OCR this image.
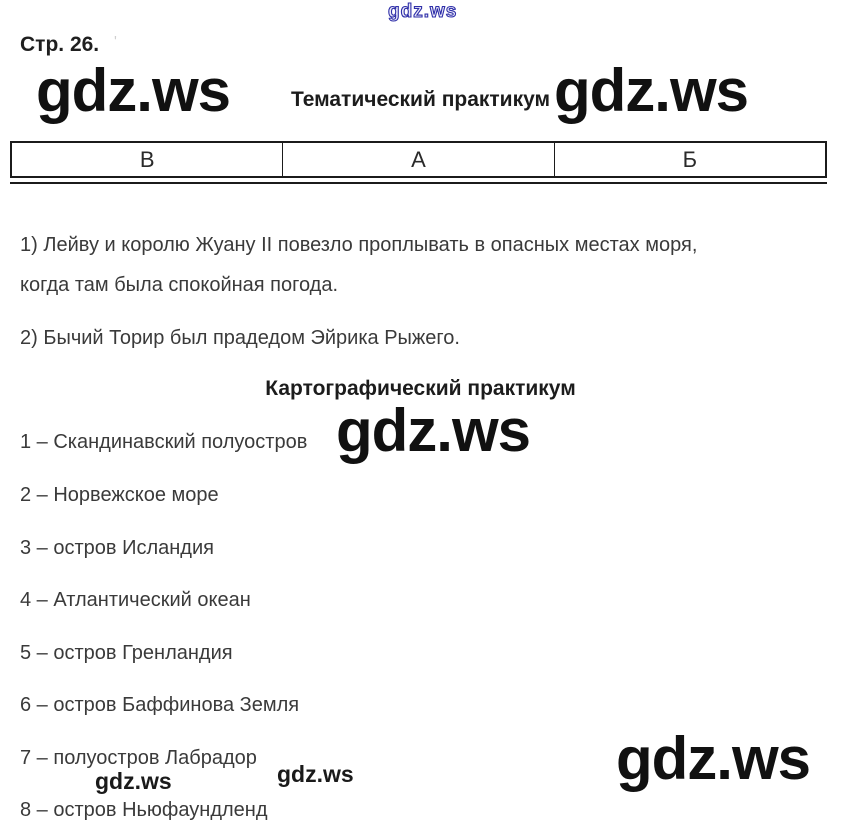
gdz.ws
Стр. 26. '
gdz.ws	Тематический практикум gdz.ws
В	А	Б
1) Лейву и королю Жуану II повезло проплывать в опасных местах моря,
когда там была спокойная погода.
2) Бычий Торир был прадедом Эйрика Рыжего.
Картографический практикум
gdz.ws
1 – Скандинавский полуостров
2 – Норвежское море
3 – остров Исландия
4 – Атлантический океан
5 – остров Гренландия
6 – остров Баффинова Земля
7 – полуостров Лабрадор
8 – остров Ньюфаундленд
gdz.ws
gdz.ws	gdz.ws
